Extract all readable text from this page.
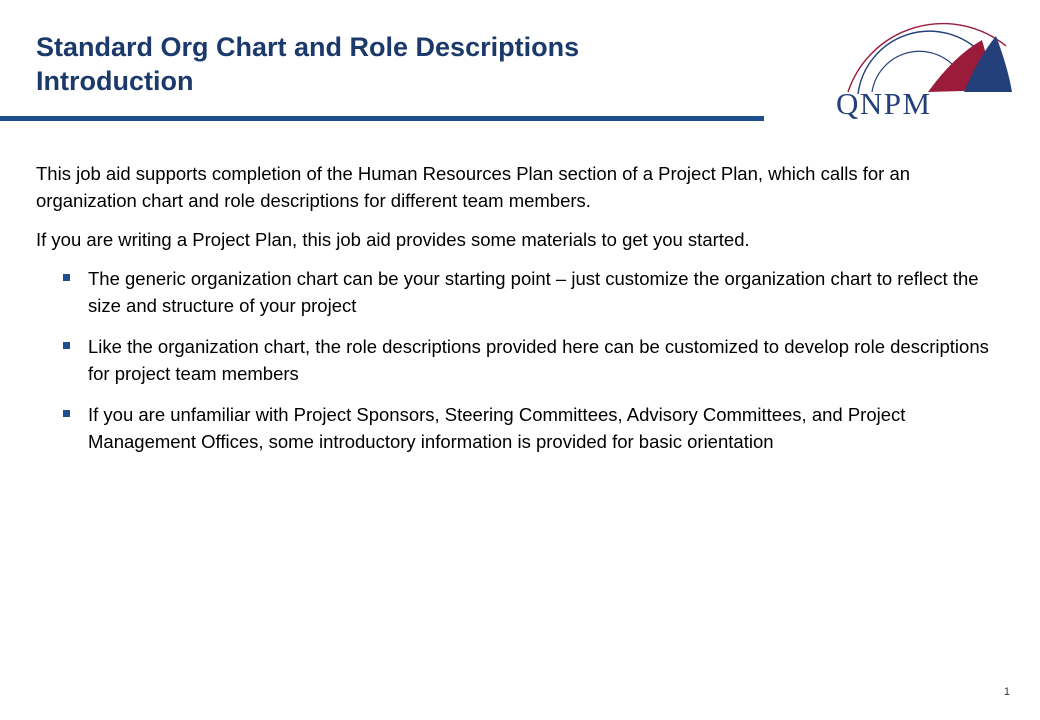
Standard Org Chart and Role Descriptions
Introduction
QNPM

This job aid supports completion of the Human Resources Plan section of a Project Plan, which calls for an organization chart and role descriptions for different team members.

If you are writing a Project Plan, this job aid provides some materials to get you started.

The generic organization chart can be your starting point – just customize the organization chart to reflect the size and structure of your project
Like the organization chart, the role descriptions provided here can be customized to develop role descriptions for project team members
If you are unfamiliar with Project Sponsors, Steering Committees, Advisory Committees, and Project Management Offices, some introductory information is provided for basic orientation
1
